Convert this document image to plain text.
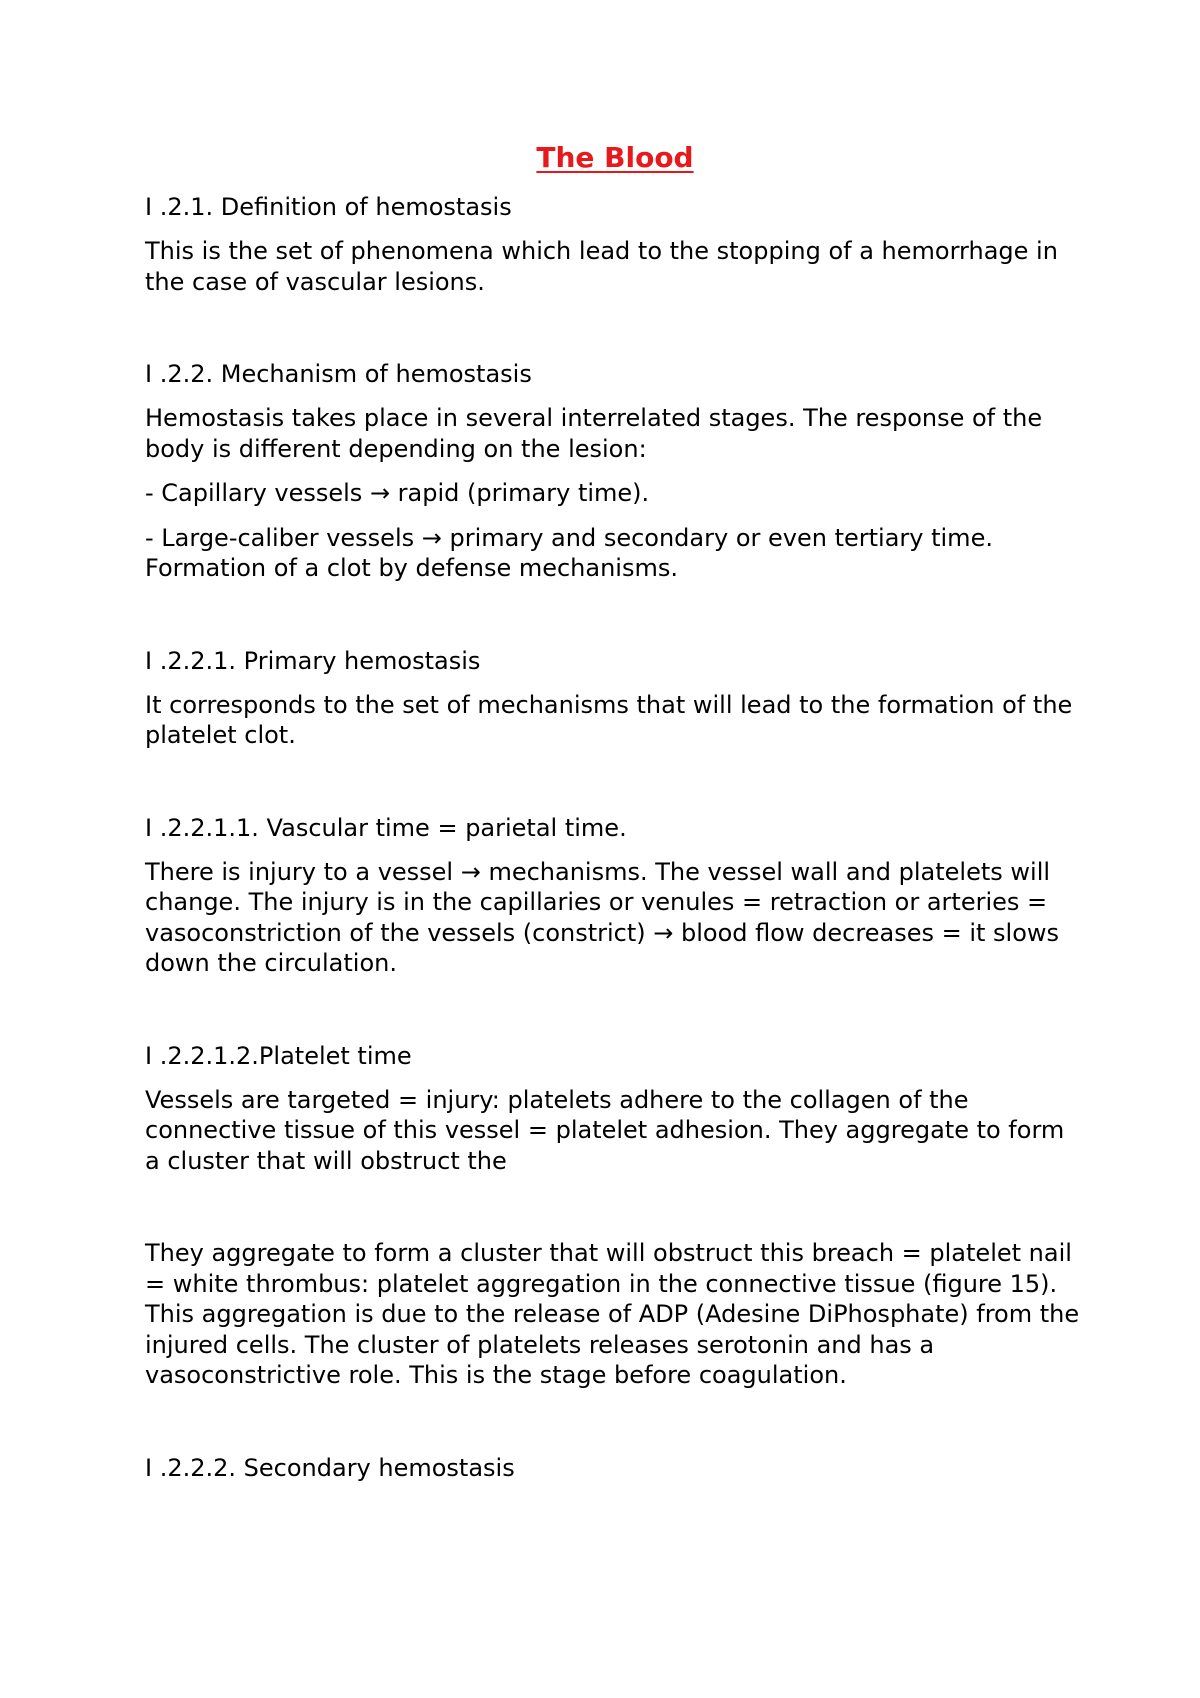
The Blood

I .2.1. Definition of hemostasis

This is the set of phenomena which lead to the stopping of a hemorrhage in the case of vascular lesions.

I .2.2. Mechanism of hemostasis

Hemostasis takes place in several interrelated stages. The response of the body is different depending on the lesion:

- Capillary vessels → rapid (primary time).

- Large-caliber vessels → primary and secondary or even tertiary time. Formation of a clot by defense mechanisms.

I .2.2.1. Primary hemostasis

It corresponds to the set of mechanisms that will lead to the formation of the platelet clot.

I .2.2.1.1. Vascular time = parietal time.

There is injury to a vessel → mechanisms. The vessel wall and platelets will change. The injury is in the capillaries or venules = retraction or arteries = vasoconstriction of the vessels (constrict) → blood flow decreases = it slows down the circulation.

I .2.2.1.2.Platelet time

Vessels are targeted = injury: platelets adhere to the collagen of the connective tissue of this vessel = platelet adhesion. They aggregate to form a cluster that will obstruct the

They aggregate to form a cluster that will obstruct this breach = platelet nail = white thrombus: platelet aggregation in the connective tissue (figure 15). This aggregation is due to the release of ADP (Adesine DiPhosphate) from the injured cells. The cluster of platelets releases serotonin and has a vasoconstrictive role. This is the stage before coagulation.

I .2.2.2. Secondary hemostasis
